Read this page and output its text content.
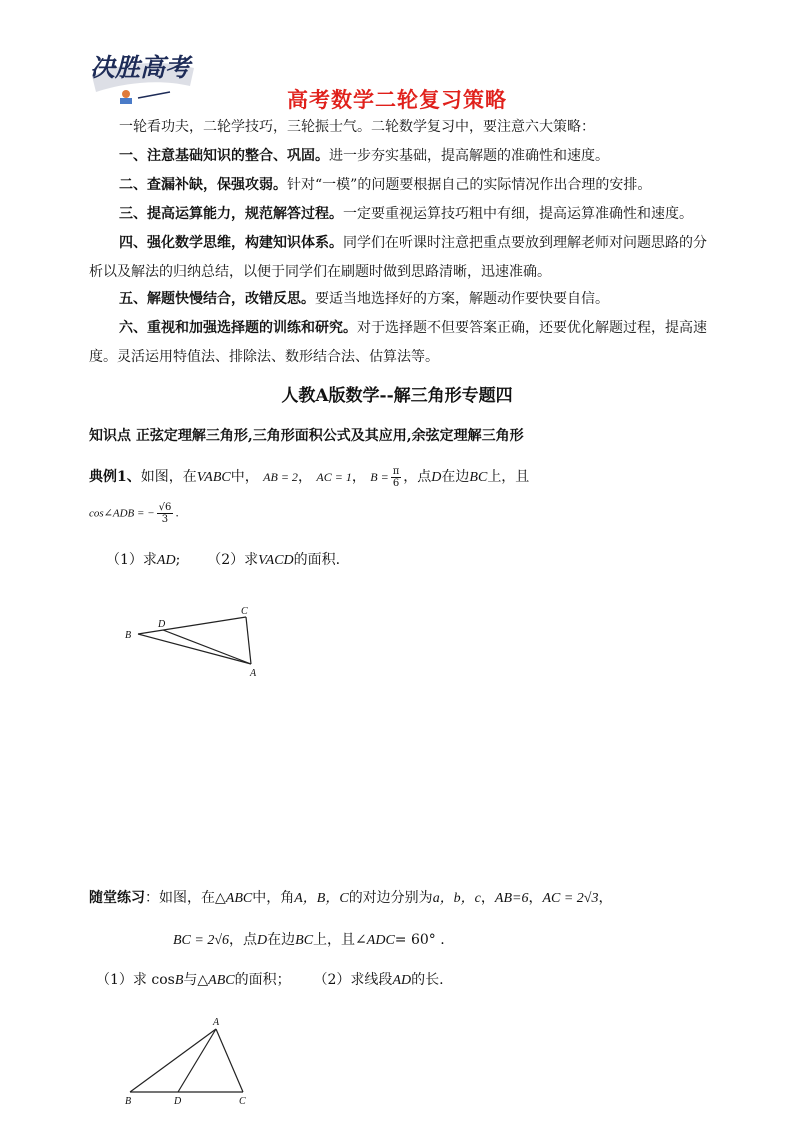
决胜高考
高考数学二轮复习策略
一轮看功夫，二轮学技巧，三轮振士气。二轮数学复习中，要注意六大策略：
一、注意基础知识的整合、巩固。进一步夯实基础，提高解题的准确性和速度。
二、查漏补缺，保强攻弱。针对“一模”的问题要根据自己的实际情况作出合理的安排。
三、提高运算能力，规范解答过程。一定要重视运算技巧粗中有细，提高运算准确性和速度。
四、强化数学思维，构建知识体系。同学们在听课时注意把重点要放到理解老师对问题思路的分析以及解法的归纳总结，以便于同学们在刷题时做到思路清晰，迅速准确。
五、解题快慢结合，改错反思。要适当地选择好的方案，解题动作要快要自信。
六、重视和加强选择题的训练和研究。对于选择题不但要答案正确，还要优化解题过程，提高速度。灵活运用特值法、排除法、数形结合法、估算法等。
人教A版数学--解三角形专题四
知识点 正弦定理解三角形,三角形面积公式及其应用,余弦定理解三角形
典例1、如图，在VABC中， AB = 2， AC = 1， $B = \frac{\pi}{6}$ ，点D在边BC上，且
cos∠ADB = − $\frac{√6}{3}$ .
（1）求AD; （2）求VACD的面积.
B
D
C
A
随堂练习：如图，在△ABC中，角A，B，C的对边分别为a，b，c，AB=6，AC = 2√3，
BC = 2√6，点D在边BC上，且∠ADC= 60° .
（1）求 cosB与△ABC的面积； （2）求线段AD的长.
A
B	D	C
